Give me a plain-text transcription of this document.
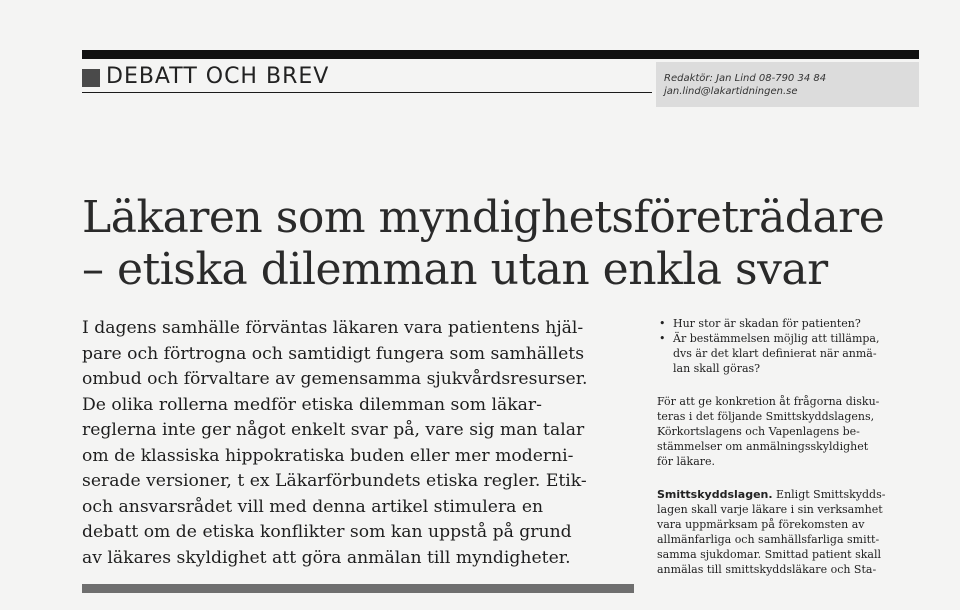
DEBATT OCH BREV	Redaktör: Jan Lind 08-790 34 84
jan.lind@lakartidningen.se
Läkaren som myndighetsföreträdare
– etiska dilemman utan enkla svar
I dagens samhälle förväntas läkaren vara patientens hjäl-
pare och förtrogna och samtidigt fungera som samhällets
ombud och förvaltare av gemensamma sjukvårdsresurser.
De olika rollerna medför etiska dilemman som läkar-
reglerna inte ger något enkelt svar på, vare sig man talar
om de klassiska hippokratiska buden eller mer moderni-
serade versioner, t ex Läkarförbundets etiska regler. Etik-
och ansvarsrådet vill med denna artikel stimulera en
debatt om de etiska konflikter som kan uppstå på grund
av läkares skyldighet att göra anmälan till myndigheter.
• Hur stor är skadan för patienten?
• Är bestämmelsen möjlig att tillämpa,
dvs är det klart definierat när anmä-
lan skall göras?
För att ge konkretion åt frågorna disku-
teras i det följande Smittskyddslagens,
Körkortslagens och Vapenlagens be-
stämmelser om anmälningsskyldighet
för läkare.
Smittskyddslagen. Enligt Smittskydds-
lagen skall varje läkare i sin verksamhet
vara uppmärksam på förekomsten av
allmänfarliga och samhällsfarliga smitt-
samma sjukdomar. Smittad patient skall
anmälas till smittskyddsläkare och Sta-
